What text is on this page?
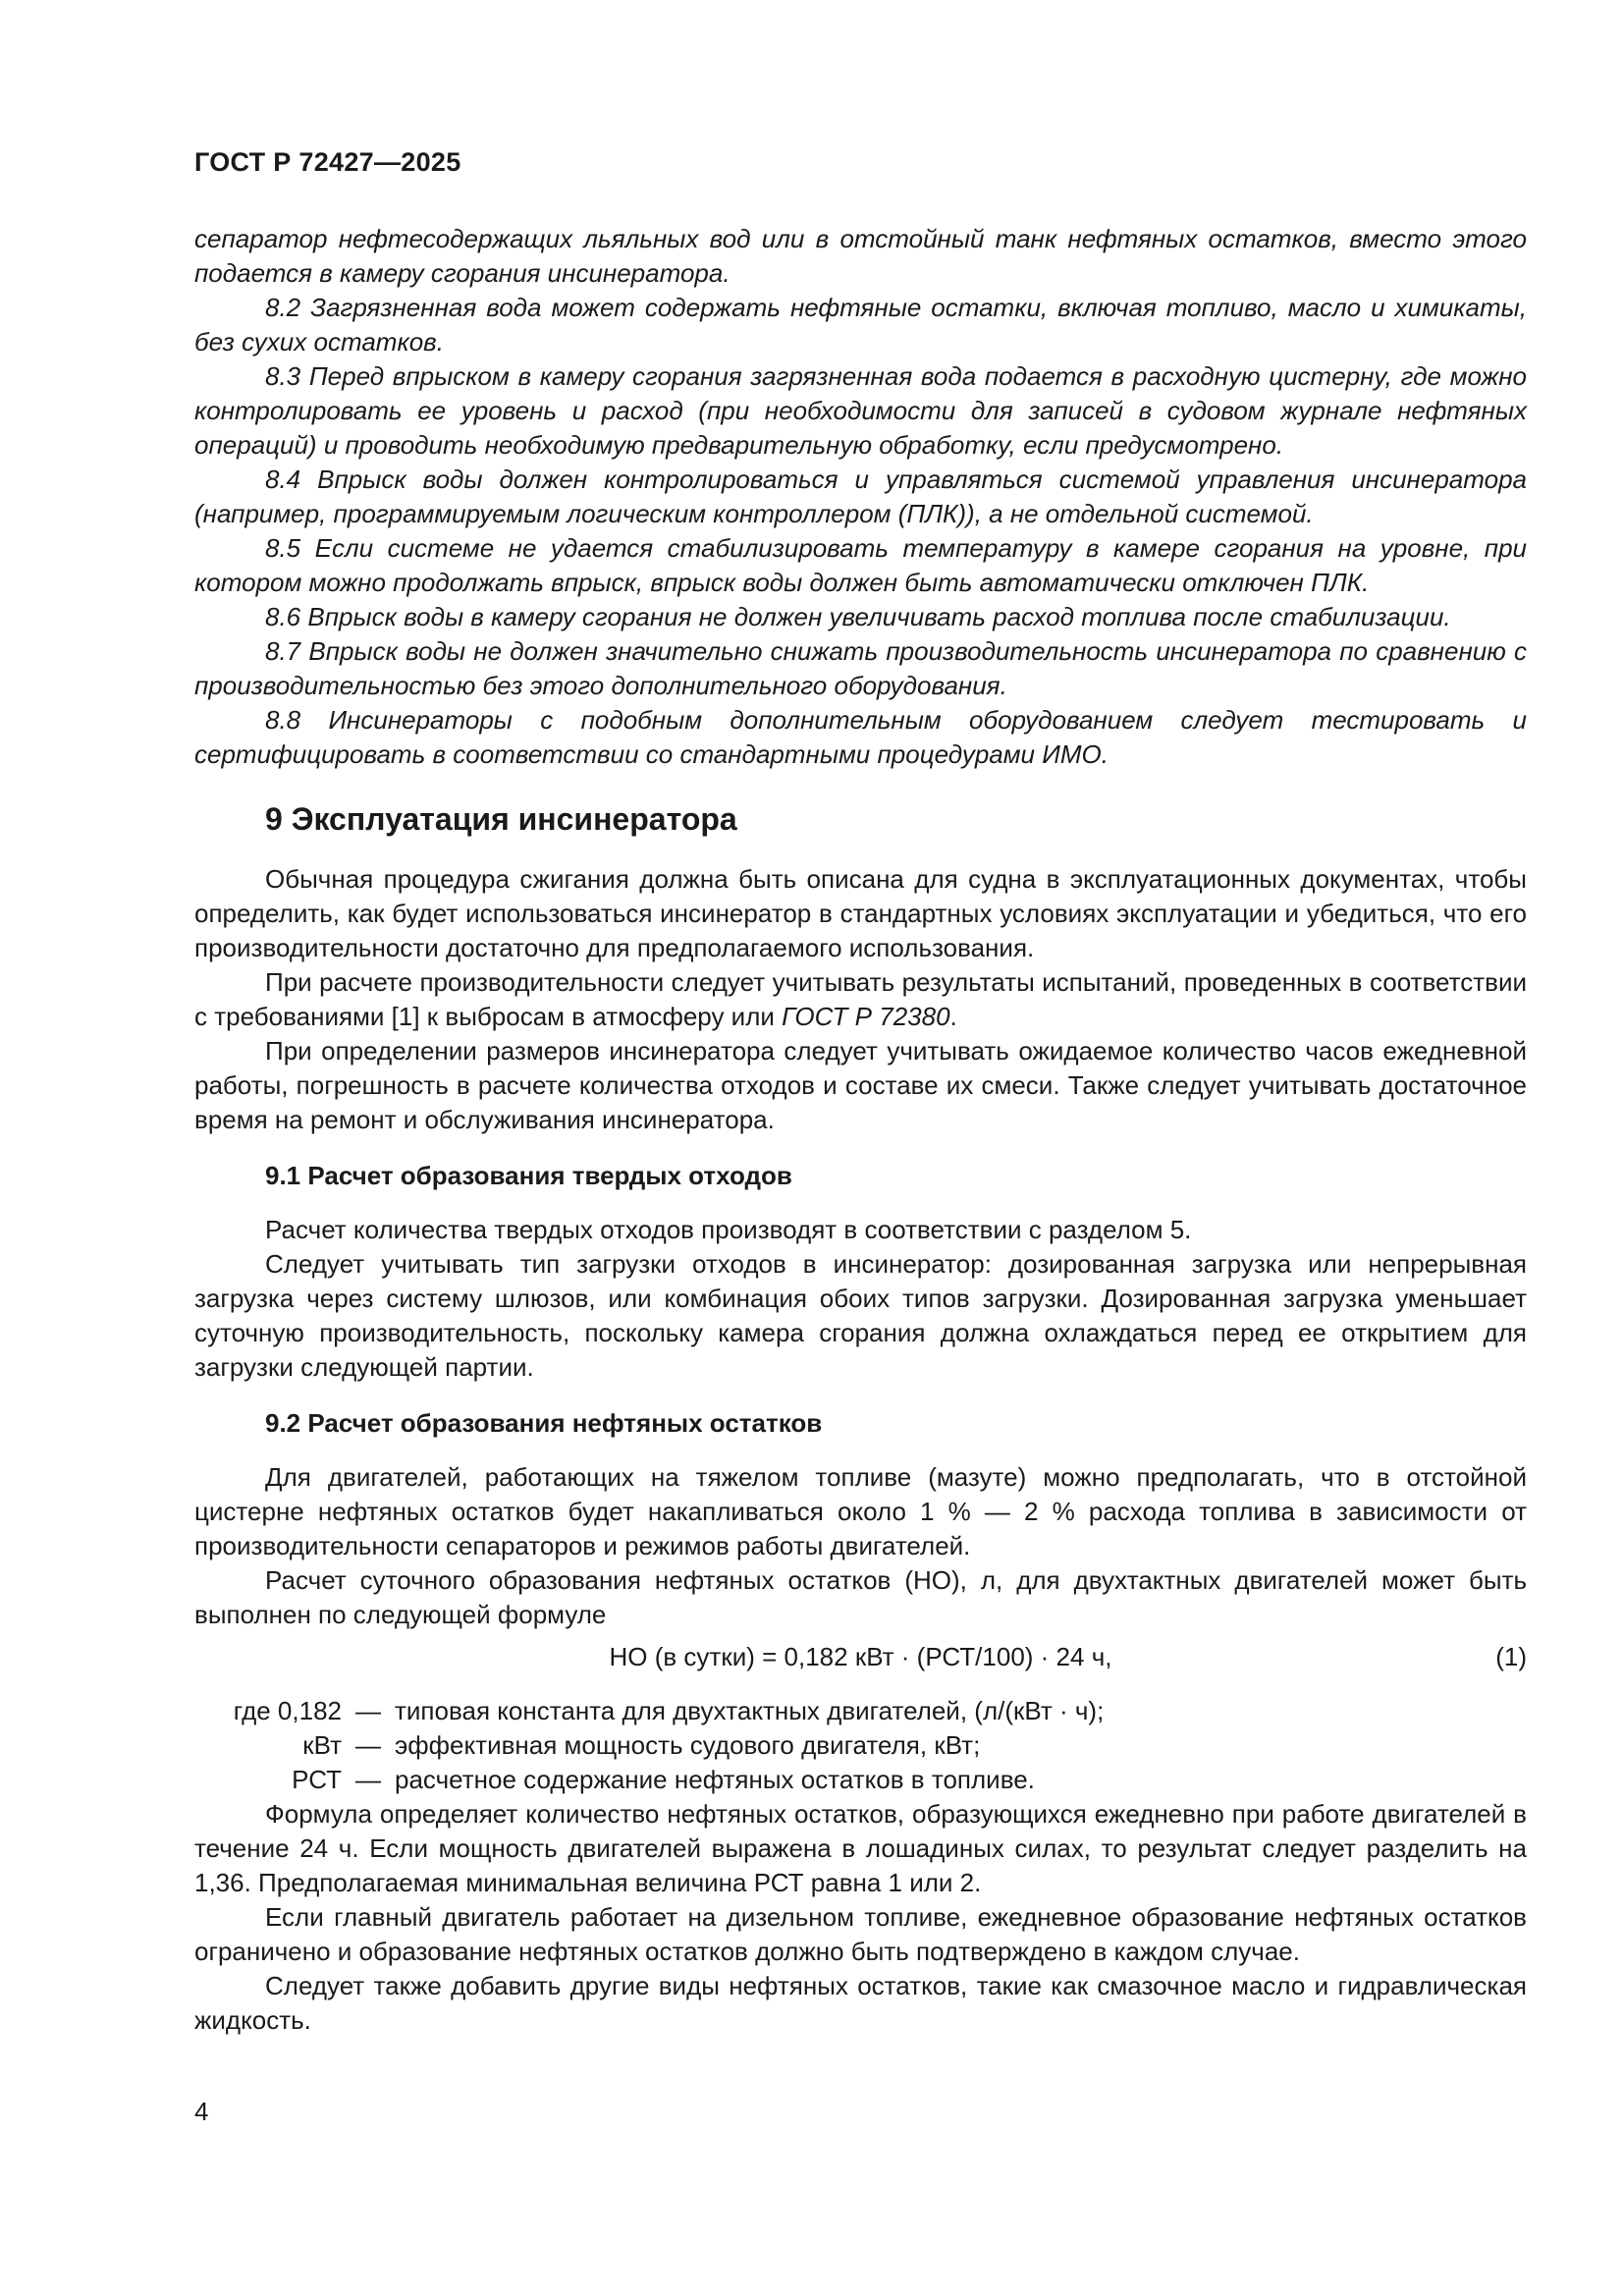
ГОСТ Р 72427—2025

сепаратор нефтесодержащих льяльных вод или в отстойный танк нефтяных остатков, вместо этого подается в камеру сгорания инсинератора.

8.2 Загрязненная вода может содержать нефтяные остатки, включая топливо, масло и химикаты, без сухих остатков.

8.3 Перед впрыском в камеру сгорания загрязненная вода подается в расходную цистерну, где можно контролировать ее уровень и расход (при необходимости для записей в судовом журнале нефтяных операций) и проводить необходимую предварительную обработку, если предусмотрено.

8.4 Впрыск воды должен контролироваться и управляться системой управления инсинератора (например, программируемым логическим контроллером (ПЛК)), а не отдельной системой.

8.5 Если системе не удается стабилизировать температуру в камере сгорания на уровне, при котором можно продолжать впрыск, впрыск воды должен быть автоматически отключен ПЛК.

8.6 Впрыск воды в камеру сгорания не должен увеличивать расход топлива после стабилизации.

8.7 Впрыск воды не должен значительно снижать производительность инсинератора по сравнению с производительностью без этого дополнительного оборудования.

8.8 Инсинераторы с подобным дополнительным оборудованием следует тестировать и сертифицировать в соответствии со стандартными процедурами ИМО.

9 Эксплуатация инсинератора

Обычная процедура сжигания должна быть описана для судна в эксплуатационных документах, чтобы определить, как будет использоваться инсинератор в стандартных условиях эксплуатации и убедиться, что его производительности достаточно для предполагаемого использования.

При расчете производительности следует учитывать результаты испытаний, проведенных в соответствии с требованиями [1] к выбросам в атмосферу или ГОСТ Р 72380.

При определении размеров инсинератора следует учитывать ожидаемое количество часов ежедневной работы, погрешность в расчете количества отходов и составе их смеси. Также следует учитывать достаточное время на ремонт и обслуживания инсинератора.

9.1 Расчет образования твердых отходов

Расчет количества твердых отходов производят в соответствии с разделом 5.

Следует учитывать тип загрузки отходов в инсинератор: дозированная загрузка или непрерывная загрузка через систему шлюзов, или комбинация обоих типов загрузки. Дозированная загрузка уменьшает суточную производительность, поскольку камера сгорания должна охлаждаться перед ее открытием для загрузки следующей партии.

9.2 Расчет образования нефтяных остатков

Для двигателей, работающих на тяжелом топливе (мазуте) можно предполагать, что в отстойной цистерне нефтяных остатков будет накапливаться около 1 % — 2 % расхода топлива в зависимости от производительности сепараторов и режимов работы двигателей.

Расчет суточного образования нефтяных остатков (НО), л, для двухтактных двигателей может быть выполнен по следующей формуле

НО (в сутки) = 0,182 кВт · (РСТ/100) · 24 ч,	(1)
где 0,182 — типовая константа для двухтактных двигателей, (л/(кВт · ч);
кВт — эффективная мощность судового двигателя, кВт;
РСТ — расчетное содержание нефтяных остатков в топливе.

Формула определяет количество нефтяных остатков, образующихся ежедневно при работе двигателей в течение 24 ч. Если мощность двигателей выражена в лошадиных силах, то результат следует разделить на 1,36. Предполагаемая минимальная величина РСТ равна 1 или 2.

Если главный двигатель работает на дизельном топливе, ежедневное образование нефтяных остатков ограничено и образование нефтяных остатков должно быть подтверждено в каждом случае.

Следует также добавить другие виды нефтяных остатков, такие как смазочное масло и гидравлическая жидкость.

4
